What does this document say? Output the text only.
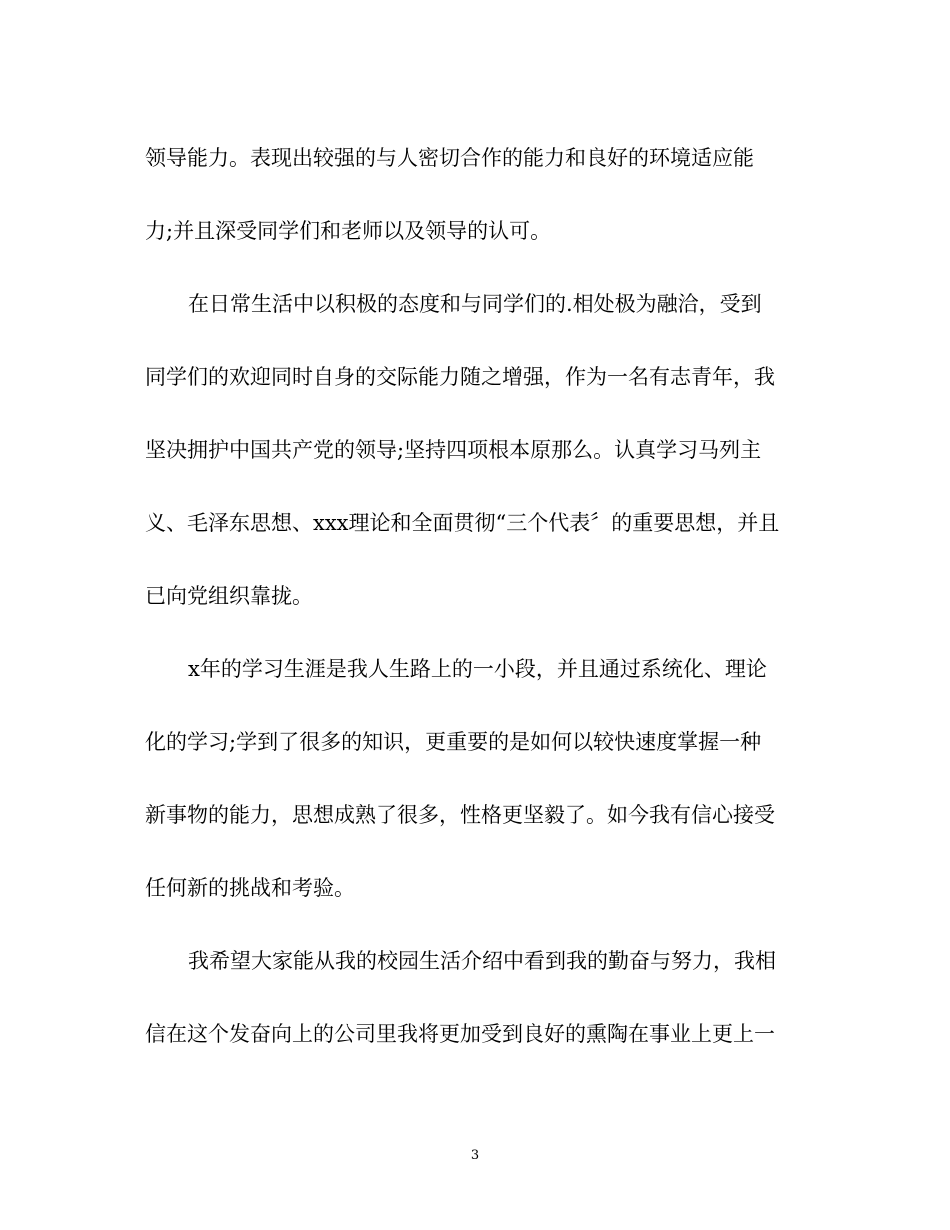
领导能力。表现出较强的与人密切合作的能力和良好的环境适应能
力;并且深受同学们和老师以及领导的认可。
在日常生活中以积极的态度和与同学们的.相处极为融洽，受到
同学们的欢迎同时自身的交际能力随之增强，作为一名有志青年，我
坚决拥护中国共产党的领导;坚持四项根本原那么。认真学习马列主
义、毛泽东思想、xxx理论和全面贯彻“三个代表〞的重要思想，并且
已向党组织靠拢。
x年的学习生涯是我人生路上的一小段，并且通过系统化、理论
化的学习;学到了很多的知识，更重要的是如何以较快速度掌握一种
新事物的能力，思想成熟了很多，性格更坚毅了。如今我有信心接受
任何新的挑战和考验。
我希望大家能从我的校园生活介绍中看到我的勤奋与努力，我相
信在这个发奋向上的公司里我将更加受到良好的熏陶在事业上更上一
3
